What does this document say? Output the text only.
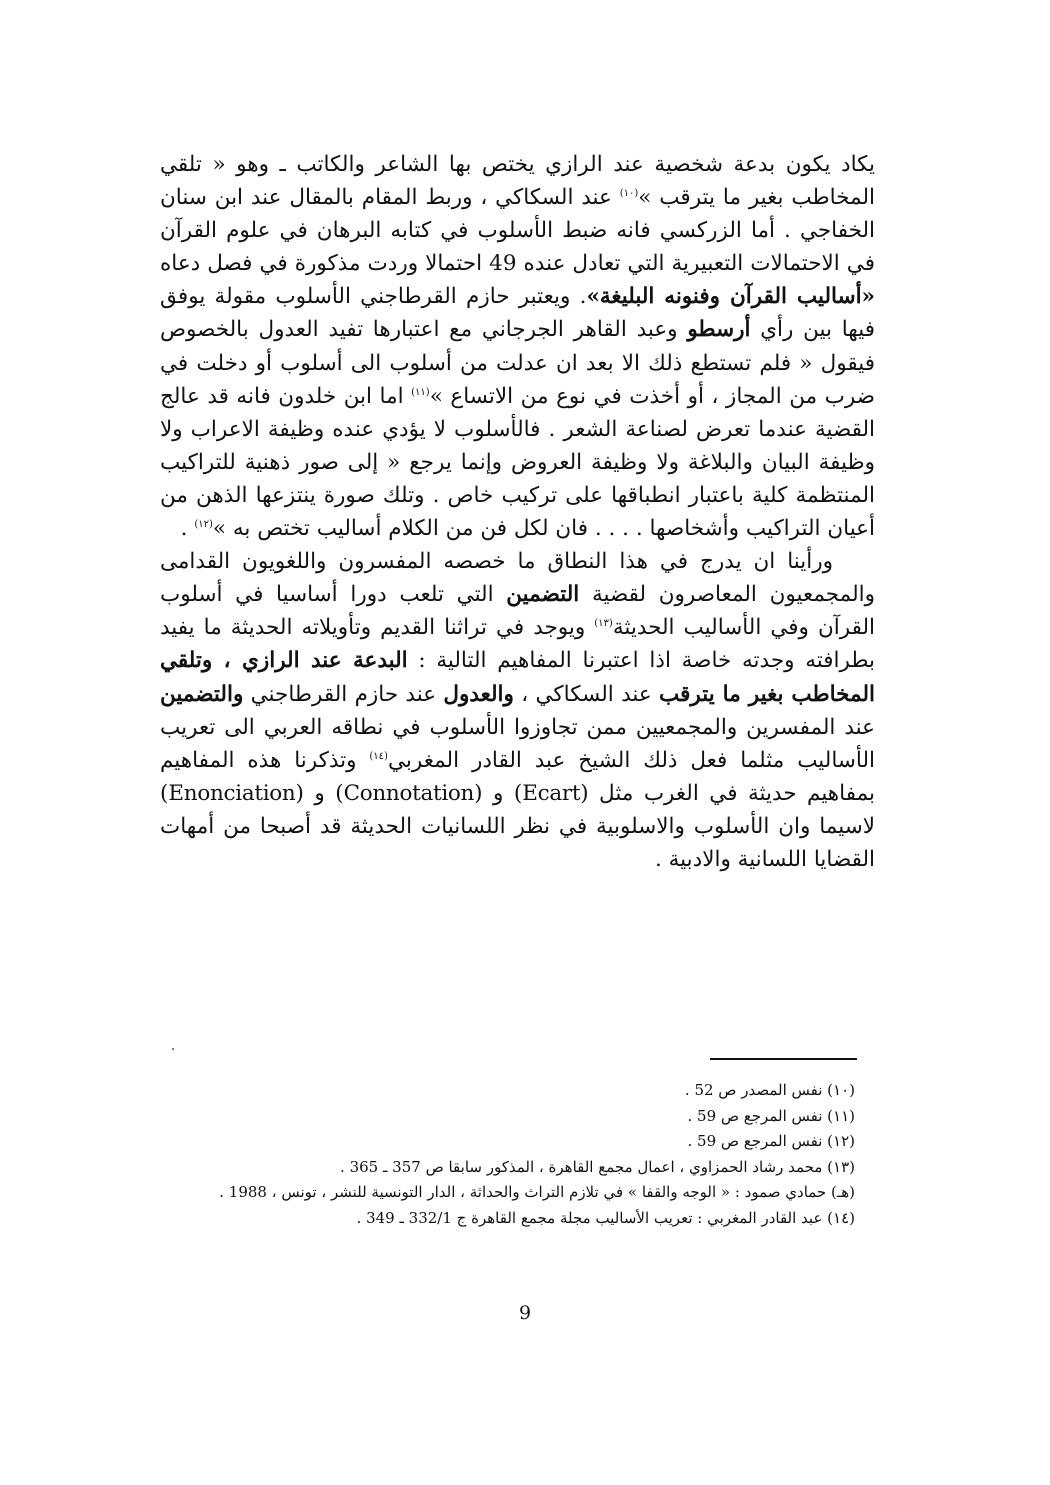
يكاد يكون بدعة شخصية عند الرازي يختص بها الشاعر والكاتب ـ وهو « تلقي المخاطب بغير ما يترقب »$^{(١٠)}$ عند السكاكي ، وربط المقام بالمقال عند ابن سنان الخفاجي . أما الزركسي فانه ضبط الأسلوب في كتابه البرهان في علوم القرآن في الاحتمالات التعبيرية التي تعادل عنده 49 احتمالا وردت مذكورة في فصل دعاه «أساليب القرآن وفنونه البليغة». ويعتبر حازم القرطاجني الأسلوب مقولة يوفق فيها بين رأي أرسطو وعبد القاهر الجرجاني مع اعتبارها تفيد العدول بالخصوص فيقول « فلم تستطع ذلك الا بعد ان عدلت من أسلوب الى أسلوب أو دخلت في ضرب من المجاز ، أو أخذت في نوع من الاتساع »$^{(١١)}$ اما ابن خلدون فانه قد عالج القضية عندما تعرض لصناعة الشعر . فالأسلوب لا يؤدي عنده وظيفة الاعراب ولا وظيفة البيان والبلاغة ولا وظيفة العروض وإنما يرجع « إلى صور ذهنية للتراكيب المنتظمة كلية باعتبار انطباقها على تركيب خاص . وتلك صورة ينتزعها الذهن من أعيان التراكيب وأشخاصها . . . . فان لكل فن من الكلام أساليب تختص به »$^{(١٢)}$ .

ورأينا ان يدرج في هذا النطاق ما خصصه المفسرون واللغويون القدامى والمجمعيون المعاصرون لقضية التضمين التي تلعب دورا أساسيا في أسلوب القرآن وفي الأساليب الحديثة$^{(١٣)}$ ويوجد في تراثنا القديم وتأويلاته الحديثة ما يفيد بطرافته وجدته خاصة اذا اعتبرنا المفاهيم التالية : البدعة عند الرازي ، وتلقي المخاطب بغير ما يترقب عند السكاكي ، والعدول عند حازم القرطاجني والتضمين عند المفسرين والمجمعيين ممن تجاوزوا الأسلوب في نطاقه العربي الى تعريب الأساليب مثلما فعل ذلك الشيخ عبد القادر المغربي$^{(١٤)}$ وتذكرنا هذه المفاهيم بمفاهيم حديثة في الغرب مثل (Ecart) و (Connotation) و (Enonciation) لاسيما وان الأسلوب والاسلوبية في نظر اللسانيات الحديثة قد أصبحا من أمهات القضايا اللسانية والادبية .

(١٠) نفس المصدر ص 52 .

(١١) نفس المرجع ص 59 .

(١٢) نفس المرجع ص 59 .

(١٣) محمد رشاد الحمزاوي ، اعمال مجمع القاهرة ، المذكور سابقا ص 357 ـ 365 .

(هـ) حمادي صمود : « الوجه والقفا » في تلازم التراث والحداثة ، الدار التونسية للنشر ، تونس ، 1988 .

(١٤) عبد القادر المغربي : تعريب الأساليب مجلة مجمع القاهرة ج 332/1 ـ 349 .

9
